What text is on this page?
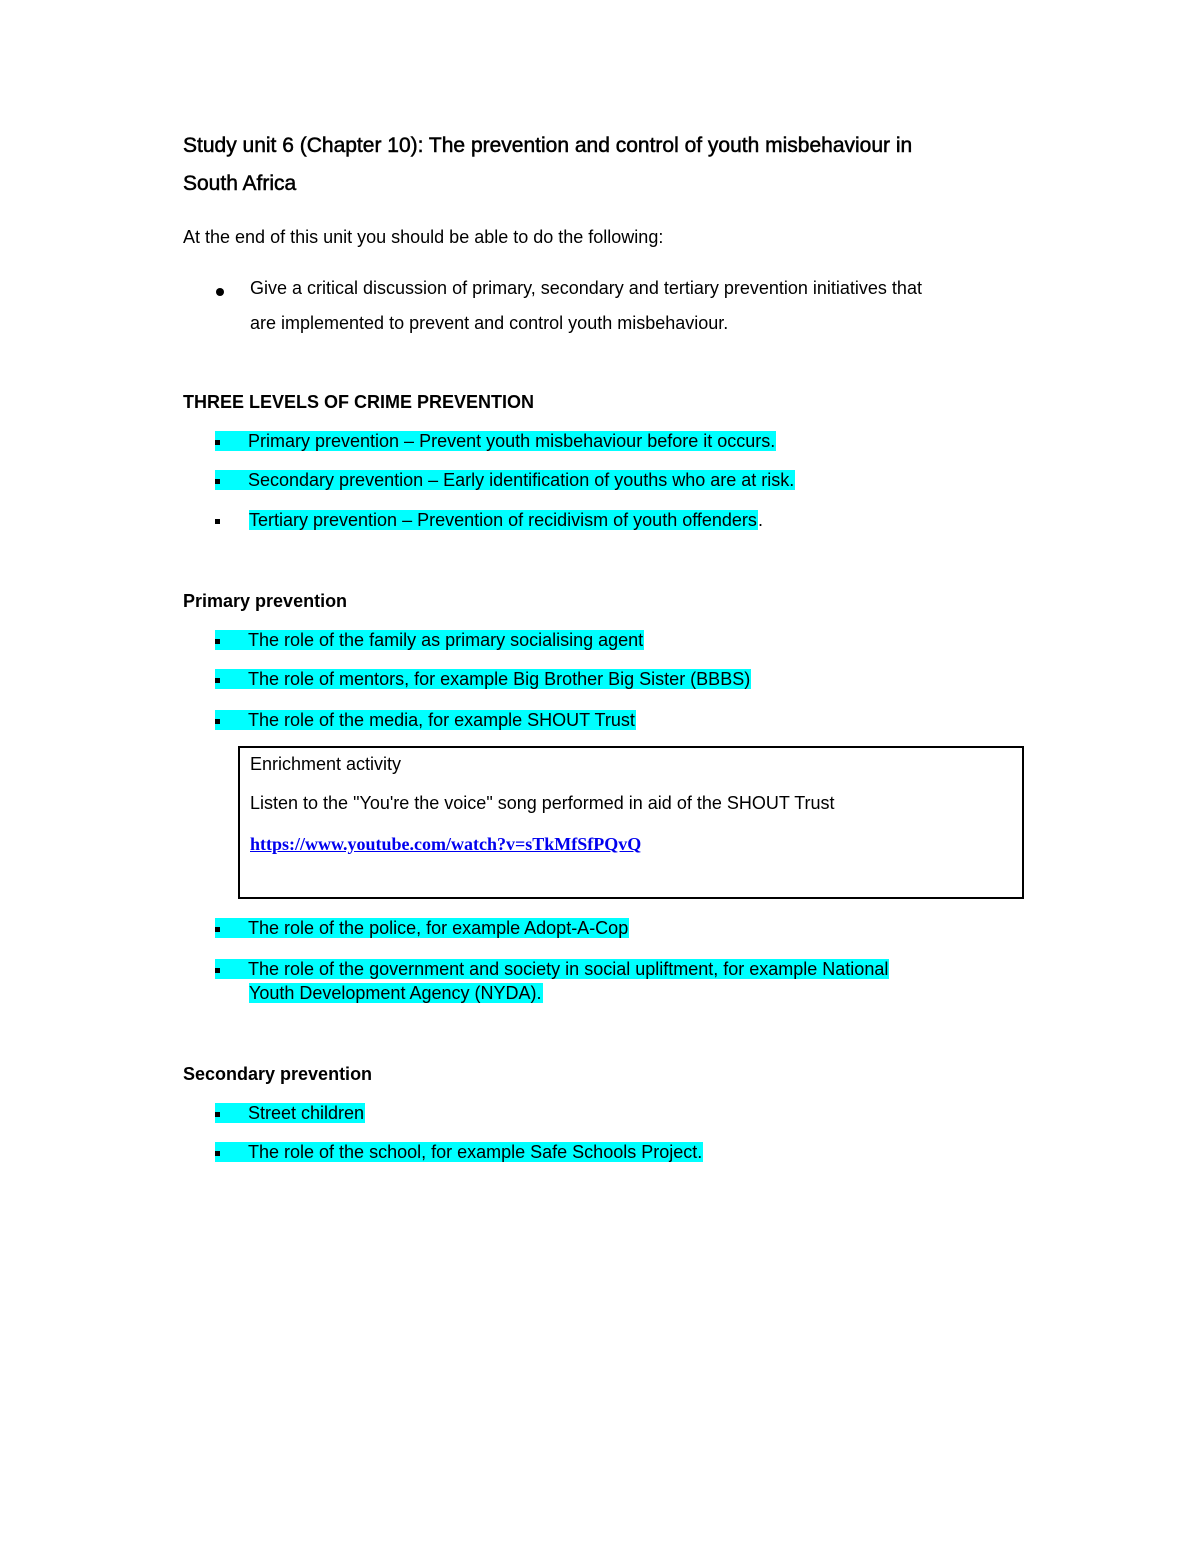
Study unit 6 (Chapter 10): The prevention and control of youth misbehaviour in
South Africa
At the end of this unit you should be able to do the following:
Give a critical discussion of primary, secondary and tertiary prevention initiatives that
are implemented to prevent and control youth misbehaviour.
THREE LEVELS OF CRIME PREVENTION
Primary prevention – Prevent youth misbehaviour before it occurs.
Secondary prevention – Early identification of youths who are at risk.
Tertiary prevention – Prevention of recidivism of youth offenders.
Primary prevention
The role of the family as primary socialising agent
The role of mentors, for example Big Brother Big Sister (BBBS)
The role of the media, for example SHOUT Trust
Enrichment activity
Listen to the "You're the voice" song performed in aid of the SHOUT Trust
https://www.youtube.com/watch?v=sTkMfSfPQvQ
The role of the police, for example Adopt-A-Cop
The role of the government and society in social upliftment, for example National
Youth Development Agency (NYDA).
Secondary prevention
Street children
The role of the school, for example Safe Schools Project.
